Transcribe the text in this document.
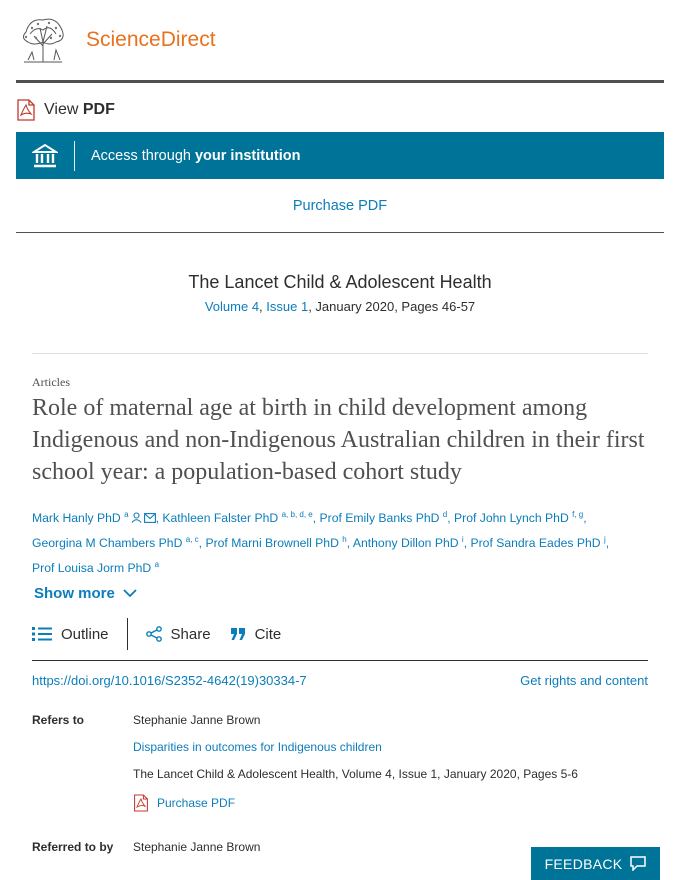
ScienceDirect
View PDF
Access through your institution
Purchase PDF
The Lancet Child & Adolescent Health
Volume 4, Issue 1, January 2020, Pages 46-57
Articles
Role of maternal age at birth in child development among Indigenous and non-Indigenous Australian children in their first school year: a population-based cohort study
Mark Hanly PhD $^a$ , Kathleen Falster PhD $^{a, b, d, e}$, Prof Emily Banks PhD $^d$, Prof John Lynch PhD $^{f, g}$,
Georgina M Chambers PhD $^{a, c}$, Prof Marni Brownell PhD $^h$, Anthony Dillon PhD $^i$, Prof Sandra Eades PhD $^j$,
Prof Louisa Jorm PhD $^a$
Show more
Outline	Share	Cite
https://doi.org/10.1016/S2352-4642(19)30334-7	Get rights and content
Refers to	Stephanie Janne Brown
Disparities in outcomes for Indigenous children
The Lancet Child & Adolescent Health, Volume 4, Issue 1, January 2020, Pages 5-6
Purchase PDF
Referred to by Stephanie Janne Brown
FEEDBACK
